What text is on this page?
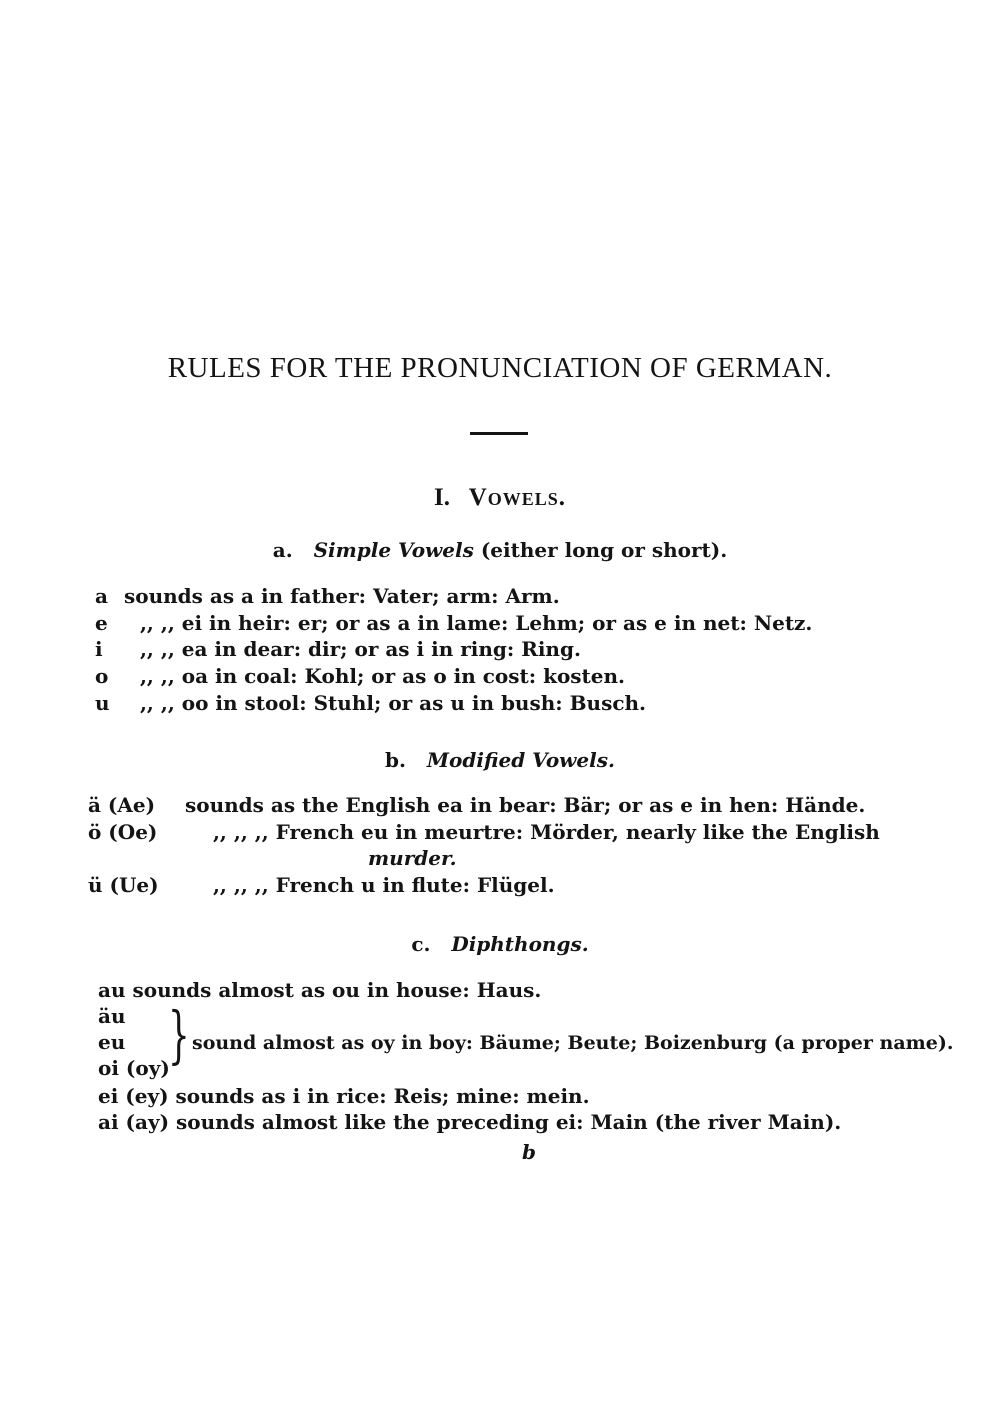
RULES FOR THE PRONUNCIATION OF GERMAN.
I. Vowels.
a. Simple Vowels (either long or short).
a sounds as a in father: Vater; arm: Arm.
e ,, ,, ei in heir: er; or as a in lame: Lehm; or as e in net: Netz.
i ,, ,, ea in dear: dir; or as i in ring: Ring.
o ,, ,, oa in coal: Kohl; or as o in cost: kosten.
u ,, ,, oo in stool: Stuhl; or as u in bush: Busch.
b. Modified Vowels.
ä (Ae) sounds as the English ea in bear: Bär; or as e in hen: Hände.
ö (Oe)	,, ,, ,, French eu in meurtre: Mörder, nearly like the English
murder.
ü (Ue)	,, ,, ,, French u in flute: Flügel.
c. Diphthongs.
au sounds almost as ou in house: Haus.
äu
eu
oi (oy)
} sound almost as oy in boy: Bäume; Beute; Boizenburg (a proper name).
ei (ey) sounds as i in rice: Reis; mine: mein.
ai (ay) sounds almost like the preceding ei: Main (the river Main).
b
